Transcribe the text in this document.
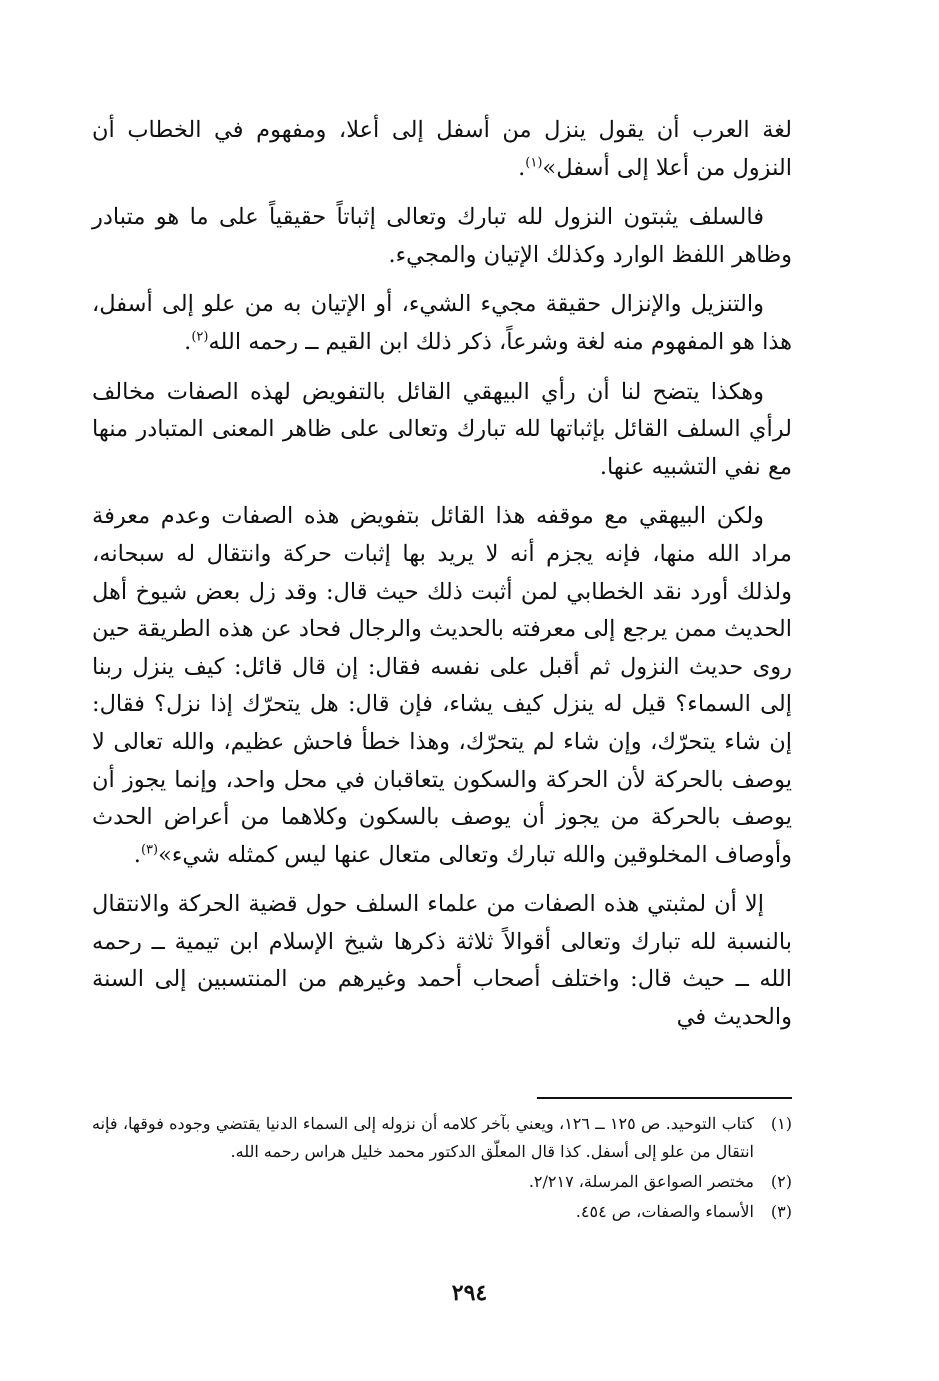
لغة العرب أن يقول ينزل من أسفل إلى أعلا، ومفهوم في الخطاب أن النزول من أعلا إلى أسفل»$^{(١)}$.

فالسلف يثبتون النزول لله تبارك وتعالى إثباتاً حقيقياً على ما هو متبادر وظاهر اللفظ الوارد وكذلك الإتيان والمجيء.

والتنزيل والإنزال حقيقة مجيء الشيء، أو الإتيان به من علو إلى أسفل، هذا هو المفهوم منه لغة وشرعاً، ذكر ذلك ابن القيم ــ رحمه الله$^{(٢)}$.

وهكذا يتضح لنا أن رأي البيهقي القائل بالتفويض لهذه الصفات مخالف لرأي السلف القائل بإثباتها لله تبارك وتعالى على ظاهر المعنى المتبادر منها مع نفي التشبيه عنها.

ولكن البيهقي مع موقفه هذا القائل بتفويض هذه الصفات وعدم معرفة مراد الله منها، فإنه يجزم أنه لا يريد بها إثبات حركة وانتقال له سبحانه، ولذلك أورد نقد الخطابي لمن أثبت ذلك حيث قال: وقد زل بعض شيوخ أهل الحديث ممن يرجع إلى معرفته بالحديث والرجال فحاد عن هذه الطريقة حين روى حديث النزول ثم أقبل على نفسه فقال: إن قال قائل: كيف ينزل ربنا إلى السماء؟ قيل له ينزل كيف يشاء، فإن قال: هل يتحرّك إذا نزل؟ فقال: إن شاء يتحرّك، وإن شاء لم يتحرّك، وهذا خطأ فاحش عظيم، والله تعالى لا يوصف بالحركة لأن الحركة والسكون يتعاقبان في محل واحد، وإنما يجوز أن يوصف بالحركة من يجوز أن يوصف بالسكون وكلاهما من أعراض الحدث وأوصاف المخلوقين والله تبارك وتعالى متعال عنها ليس كمثله شيء»$^{(٣)}$.

إلا أن لمثبتي هذه الصفات من علماء السلف حول قضية الحركة والانتقال بالنسبة لله تبارك وتعالى أقوالاً ثلاثة ذكرها شيخ الإسلام ابن تيمية ــ رحمه الله ــ حيث قال: واختلف أصحاب أحمد وغيرهم من المنتسبين إلى السنة والحديث في

(١)
كتاب التوحيد. ص ١٢٥ ــ ١٢٦، ويعني بآخر كلامه أن نزوله إلى السماء الدنيا يقتضي وجوده فوقها، فإنه انتقال من علو إلى أسفل. كذا قال المعلّق الدكتور محمد خليل هراس رحمه الله.
(٢)
مختصر الصواعق المرسلة، ٢/٢١٧.
(٣)
الأسماء والصفات، ص ٤٥٤.
٢٩٤
